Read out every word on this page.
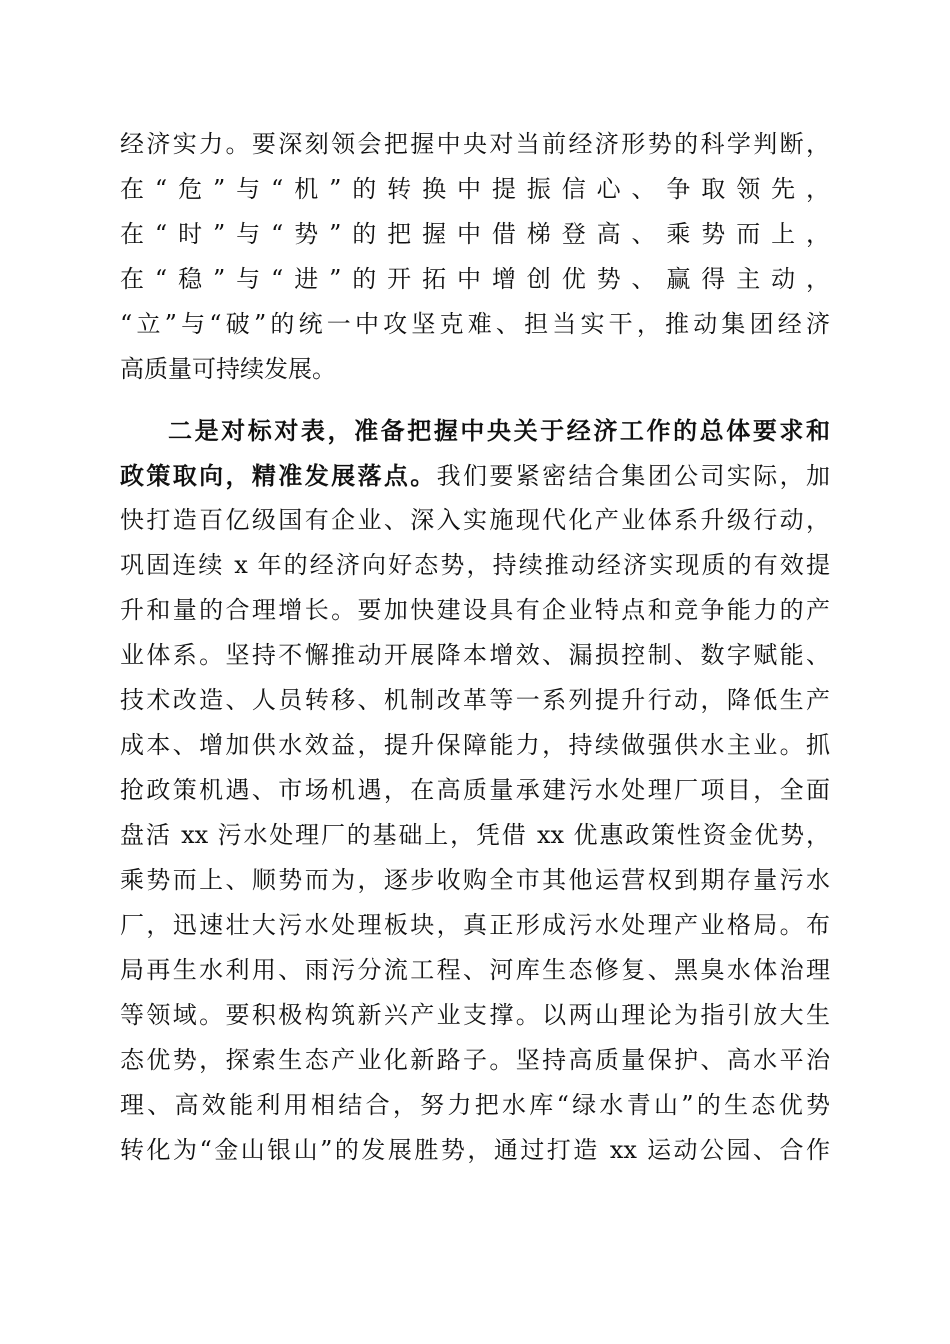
经济实力。要深刻领会把握中央对当前经济形势的科学判断，
在“危”与“机”的转换中提振信心、争取领先，
在“时”与“势”的把握中借梯登高、乘势而上，
在“稳”与“进”的开拓中增创优势、赢得主动，
“立”与“破”的统一中攻坚克难、担当实干，推动集团经济
高质量可持续发展。
二是对标对表，准备把握中央关于经济工作的总体要求和
政策取向，精准发展落点。我们要紧密结合集团公司实际，加
快打造百亿级国有企业、深入实施现代化产业体系升级行动，
巩固连续 x 年的经济向好态势，持续推动经济实现质的有效提
升和量的合理增长。要加快建设具有企业特点和竞争能力的产
业体系。坚持不懈推动开展降本增效、漏损控制、数字赋能、
技术改造、人员转移、机制改革等一系列提升行动，降低生产
成本、增加供水效益，提升保障能力，持续做强供水主业。抓
抢政策机遇、市场机遇，在高质量承建污水处理厂项目，全面
盘活 xx 污水处理厂的基础上，凭借 xx 优惠政策性资金优势，
乘势而上、顺势而为，逐步收购全市其他运营权到期存量污水
厂，迅速壮大污水处理板块，真正形成污水处理产业格局。布
局再生水利用、雨污分流工程、河库生态修复、黑臭水体治理
等领域。要积极构筑新兴产业支撑。以两山理论为指引放大生
态优势，探索生态产业化新路子。坚持高质量保护、高水平治
理、高效能利用相结合，努力把水库“绿水青山”的生态优势
转化为“金山银山”的发展胜势，通过打造 xx 运动公园、合作
